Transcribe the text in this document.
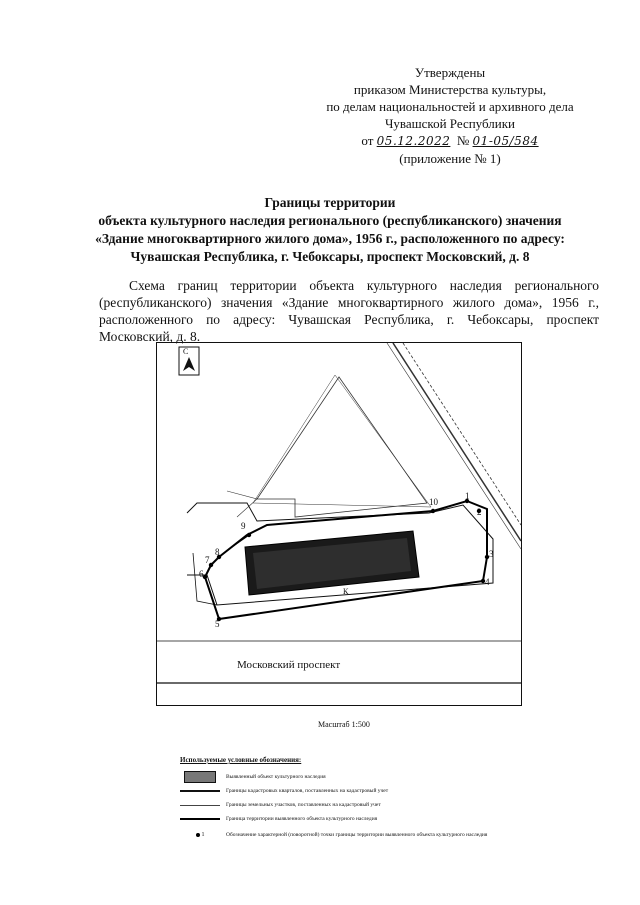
Утверждены
приказом Министерства культуры,
по делам национальностей и архивного дела
Чувашской Республики
от 05.12.2022 № 01-05/584
(приложение № 1)
Границы территории
объекта культурного наследия регионального (республиканского) значения
«Здание многоквартирного жилого дома», 1956 г., расположенного по адресу:
Чувашская Республика, г. Чебоксары, проспект Московский, д. 8
Схема границ территории объекта культурного наследия регионального (республиканского) значения «Здание многоквартирного жилого дома», 1956 г., расположенного по адресу: Чувашская Республика, г. Чебоксары, проспект Московский, д. 8.
С
Московский проспект
1
2
3
4
5
6
7
8
9
10
К
Масштаб 1:500
Используемые условные обозначения:
Выявленный объект культурного наследия
Границы кадастровых кварталов, поставленных на кадастровый учет
Границы земельных участков, поставленных на кадастровый учет
Граница территории выявленного объекта культурного наследия
1	Обозначение характерной (поворотной) точки границы территории выявленного объекта культурного наследия
